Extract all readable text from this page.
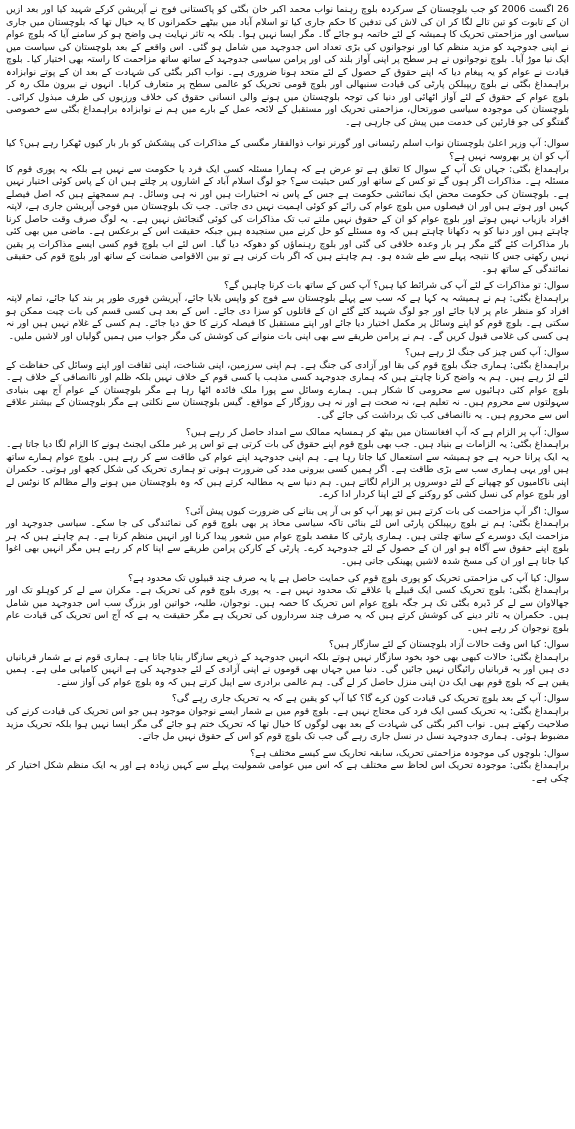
26 اگست 2006 کو جب بلوچستان کے سرکردہ بلوچ رہنما نواب محمد اکبر خان بگٹی کو پاکستانی فوج نے آپریشن کرکے شہید کیا اور بعد ازیں ان کے تابوت کو تین تالے لگا کر ان کی لاش کی تدفین کا حکم جاری کیا تو اسلام آباد میں بیٹھے حکمرانوں کا یہ خیال تھا کہ بلوچستان میں جاری سیاسی اور مزاحمتی تحریک کا ہمیشہ کے لئے خاتمہ ہو جائے گا۔ مگر ایسا نہیں ہوا۔ بلکہ یہ تاثر نہایت ہی واضح ہو کر سامنے آیا کہ بلوچ عوام نے اپنی جدوجہد کو مزید منظم کیا اور نوجوانوں کی بڑی تعداد اس جدوجہد میں شامل ہو گئی۔ اس واقعے کے بعد بلوچستان کی سیاست میں ایک نیا موڑ آیا۔ بلوچ نوجوانوں نے ہر سطح پر اپنی آواز بلند کی اور پرامن سیاسی جدوجہد کے ساتھ ساتھ مزاحمت کا راستہ بھی اختیار کیا۔ بلوچ قیادت نے عوام کو یہ پیغام دیا کہ اپنے حقوق کے حصول کے لئے متحد ہونا ضروری ہے۔ نواب اکبر بگٹی کی شہادت کے بعد ان کے پوتے نوابزادہ براہمداغ بگٹی نے بلوچ ریپبلکن پارٹی کی قیادت سنبھالی اور بلوچ قومی تحریک کو عالمی سطح پر متعارف کرایا۔ انہوں نے بیرون ملک رہ کر بلوچ عوام کے حقوق کے لئے آواز اٹھائی اور دنیا کی توجہ بلوچستان میں ہونے والی انسانی حقوق کی خلاف ورزیوں کی طرف مبذول کرائی۔ بلوچستان کی موجودہ سیاسی صورتحال، مزاحمتی تحریک اور مستقبل کے لائحہ عمل کے بارے میں ہم نے نوابزادہ براہمداغ بگٹی سے خصوصی گفتگو کی جو قارئین کی خدمت میں پیش کی جارہی ہے۔

سوال: آپ وزیر اعلیٰ بلوچستان نواب اسلم رئیسانی اور گورنر نواب ذوالفقار مگسی کے مذاکرات کی پیشکش کو بار بار کیوں ٹھکرا رہے ہیں؟ کیا آپ کو ان پر بھروسہ نہیں ہے؟

براہمداغ بگٹی: جہاں تک آپ کے سوال کا تعلق ہے تو عرض ہے کہ ہمارا مسئلہ کسی ایک فرد یا حکومت سے نہیں ہے بلکہ یہ پوری قوم کا مسئلہ ہے۔ مذاکرات اگر ہوں گے تو کس کے ساتھ اور کس حیثیت سے؟ جو لوگ اسلام آباد کے اشاروں پر چلتے ہیں ان کے پاس کوئی اختیار نہیں ہے۔ بلوچستان کی حکومت محض ایک نمائشی حکومت ہے جس کے پاس نہ اختیارات ہیں اور نہ ہی وسائل۔ ہم سمجھتے ہیں کہ اصل فیصلے کہیں اور ہوتے ہیں اور ان فیصلوں میں بلوچ عوام کی رائے کو کوئی اہمیت نہیں دی جاتی۔ جب تک بلوچستان میں فوجی آپریشن جاری ہے، لاپتہ افراد بازیاب نہیں ہوتے اور بلوچ عوام کو ان کے حقوق نہیں ملتے تب تک مذاکرات کی کوئی گنجائش نہیں ہے۔ یہ لوگ صرف وقت حاصل کرنا چاہتے ہیں اور دنیا کو یہ دکھانا چاہتے ہیں کہ وہ مسئلے کو حل کرنے میں سنجیدہ ہیں جبکہ حقیقت اس کے برعکس ہے۔ ماضی میں بھی کئی بار مذاکرات کئے گئے مگر ہر بار وعدہ خلافی کی گئی اور بلوچ رہنماؤں کو دھوکہ دیا گیا۔ اس لئے اب بلوچ قوم کسی ایسے مذاکرات پر یقین نہیں رکھتی جس کا نتیجہ پہلے سے طے شدہ ہو۔ ہم چاہتے ہیں کہ اگر بات کرنی ہے تو بین الاقوامی ضمانت کے ساتھ اور بلوچ قوم کی حقیقی نمائندگی کے ساتھ ہو۔

سوال: تو مذاکرات کے لئے آپ کی شرائط کیا ہیں؟ آپ کس کے ساتھ بات کرنا چاہیں گے؟

براہمداغ بگٹی: ہم نے ہمیشہ یہ کہا ہے کہ سب سے پہلے بلوچستان سے فوج کو واپس بلایا جائے، آپریشن فوری طور پر بند کیا جائے، تمام لاپتہ افراد کو منظر عام پر لایا جائے اور جو لوگ شہید کئے گئے ان کے قاتلوں کو سزا دی جائے۔ اس کے بعد ہی کسی قسم کی بات چیت ممکن ہو سکتی ہے۔ بلوچ قوم کو اپنے وسائل پر مکمل اختیار دیا جائے اور اپنے مستقبل کا فیصلہ کرنے کا حق دیا جائے۔ ہم کسی کے غلام نہیں ہیں اور نہ ہی کسی کی غلامی قبول کریں گے۔ ہم نے پرامن طریقے سے بھی اپنی بات منوانے کی کوشش کی مگر جواب میں ہمیں گولیاں اور لاشیں ملیں۔

سوال: آپ کس چیز کی جنگ لڑ رہے ہیں؟

براہمداغ بگٹی: ہماری جنگ بلوچ قوم کی بقا اور آزادی کی جنگ ہے۔ ہم اپنی سرزمین، اپنی شناخت، اپنی ثقافت اور اپنے وسائل کی حفاظت کے لئے لڑ رہے ہیں۔ ہم یہ واضح کرنا چاہتے ہیں کہ ہماری جدوجہد کسی مذہب یا کسی قوم کے خلاف نہیں بلکہ ظلم اور ناانصافی کے خلاف ہے۔ بلوچ عوام کئی دہائیوں سے محرومی کا شکار ہیں۔ ہمارے وسائل سے پورا ملک فائدہ اٹھا رہا ہے مگر بلوچستان کے عوام آج بھی بنیادی سہولتوں سے محروم ہیں۔ نہ تعلیم ہے، نہ صحت ہے اور نہ ہی روزگار کے مواقع۔ گیس بلوچستان سے نکلتی ہے مگر بلوچستان کے بیشتر علاقے اس سے محروم ہیں۔ یہ ناانصافی کب تک برداشت کی جائے گی۔

سوال: آپ پر الزام ہے کہ آپ افغانستان میں بیٹھ کر ہمسایہ ممالک سے امداد حاصل کر رہے ہیں؟

براہمداغ بگٹی: یہ الزامات بے بنیاد ہیں۔ جب بھی بلوچ قوم اپنے حقوق کی بات کرتی ہے تو اس پر غیر ملکی ایجنٹ ہونے کا الزام لگا دیا جاتا ہے۔ یہ ایک پرانا حربہ ہے جو ہمیشہ سے استعمال کیا جاتا رہا ہے۔ ہم اپنی جدوجہد اپنے عوام کی طاقت سے کر رہے ہیں۔ بلوچ عوام ہمارے ساتھ ہیں اور یہی ہماری سب سے بڑی طاقت ہے۔ اگر ہمیں کسی بیرونی مدد کی ضرورت ہوتی تو ہماری تحریک کی شکل کچھ اور ہوتی۔ حکمران اپنی ناکامیوں کو چھپانے کے لئے دوسروں پر الزام لگاتے ہیں۔ ہم دنیا سے یہ مطالبہ کرتے ہیں کہ وہ بلوچستان میں ہونے والے مظالم کا نوٹس لے اور بلوچ عوام کی نسل کشی کو روکنے کے لئے اپنا کردار ادا کرے۔

سوال: اگر آپ مزاحمت کی بات کرتے ہیں تو پھر آپ کو بی آر پی بنانے کی ضرورت کیوں پیش آئی؟

براہمداغ بگٹی: ہم نے بلوچ ریپبلکن پارٹی اس لئے بنائی تاکہ سیاسی محاذ پر بھی بلوچ قوم کی نمائندگی کی جا سکے۔ سیاسی جدوجہد اور مزاحمت ایک دوسرے کے ساتھ چلتی ہیں۔ ہماری پارٹی کا مقصد بلوچ عوام میں شعور پیدا کرنا اور انہیں منظم کرنا ہے۔ ہم چاہتے ہیں کہ ہر بلوچ اپنے حقوق سے آگاہ ہو اور ان کے حصول کے لئے جدوجہد کرے۔ پارٹی کے کارکن پرامن طریقے سے اپنا کام کر رہے ہیں مگر انہیں بھی اغوا کیا جاتا ہے اور ان کی مسخ شدہ لاشیں پھینکی جاتی ہیں۔

سوال: کیا آپ کی مزاحمتی تحریک کو پوری بلوچ قوم کی حمایت حاصل ہے یا یہ صرف چند قبیلوں تک محدود ہے؟

براہمداغ بگٹی: بلوچ تحریک کسی ایک قبیلے یا علاقے تک محدود نہیں ہے۔ یہ پوری بلوچ قوم کی تحریک ہے۔ مکران سے لے کر کوہلو تک اور جھالاوان سے لے کر ڈیرہ بگٹی تک ہر جگہ بلوچ عوام اس تحریک کا حصہ ہیں۔ نوجوان، طلبہ، خواتین اور بزرگ سب اس جدوجہد میں شامل ہیں۔ حکمران یہ تاثر دینے کی کوشش کرتے ہیں کہ یہ صرف چند سرداروں کی تحریک ہے مگر حقیقت یہ ہے کہ آج اس تحریک کی قیادت عام بلوچ نوجوان کر رہے ہیں۔

سوال: کیا اس وقت حالات آزاد بلوچستان کے لئے سازگار ہیں؟

براہمداغ بگٹی: حالات کبھی بھی خود بخود سازگار نہیں ہوتے بلکہ انہیں جدوجہد کے ذریعے سازگار بنایا جاتا ہے۔ ہماری قوم نے بے شمار قربانیاں دی ہیں اور یہ قربانیاں رائیگاں نہیں جائیں گی۔ دنیا میں جہاں بھی قوموں نے اپنی آزادی کے لئے جدوجہد کی ہے انہیں کامیابی ملی ہے۔ ہمیں یقین ہے کہ بلوچ قوم بھی ایک دن اپنی منزل حاصل کر لے گی۔ ہم عالمی برادری سے اپیل کرتے ہیں کہ وہ بلوچ عوام کی آواز سنے۔

سوال: آپ کے بعد بلوچ تحریک کی قیادت کون کرے گا؟ کیا آپ کو یقین ہے کہ یہ تحریک جاری رہے گی؟

براہمداغ بگٹی: یہ تحریک کسی ایک فرد کی محتاج نہیں ہے۔ بلوچ قوم میں بے شمار ایسے نوجوان موجود ہیں جو اس تحریک کی قیادت کرنے کی صلاحیت رکھتے ہیں۔ نواب اکبر بگٹی کی شہادت کے بعد بھی لوگوں کا خیال تھا کہ تحریک ختم ہو جائے گی مگر ایسا نہیں ہوا بلکہ تحریک مزید مضبوط ہوئی۔ ہماری جدوجہد نسل در نسل جاری رہے گی جب تک بلوچ قوم کو اس کے حقوق نہیں مل جاتے۔

سوال: بلوچوں کی موجودہ مزاحمتی تحریک، سابقہ تحاریک سے کیسے مختلف ہے؟

براہمداغ بگٹی: موجودہ تحریک اس لحاظ سے مختلف ہے کہ اس میں عوامی شمولیت پہلے سے کہیں زیادہ ہے اور یہ ایک منظم شکل اختیار کر چکی ہے۔
